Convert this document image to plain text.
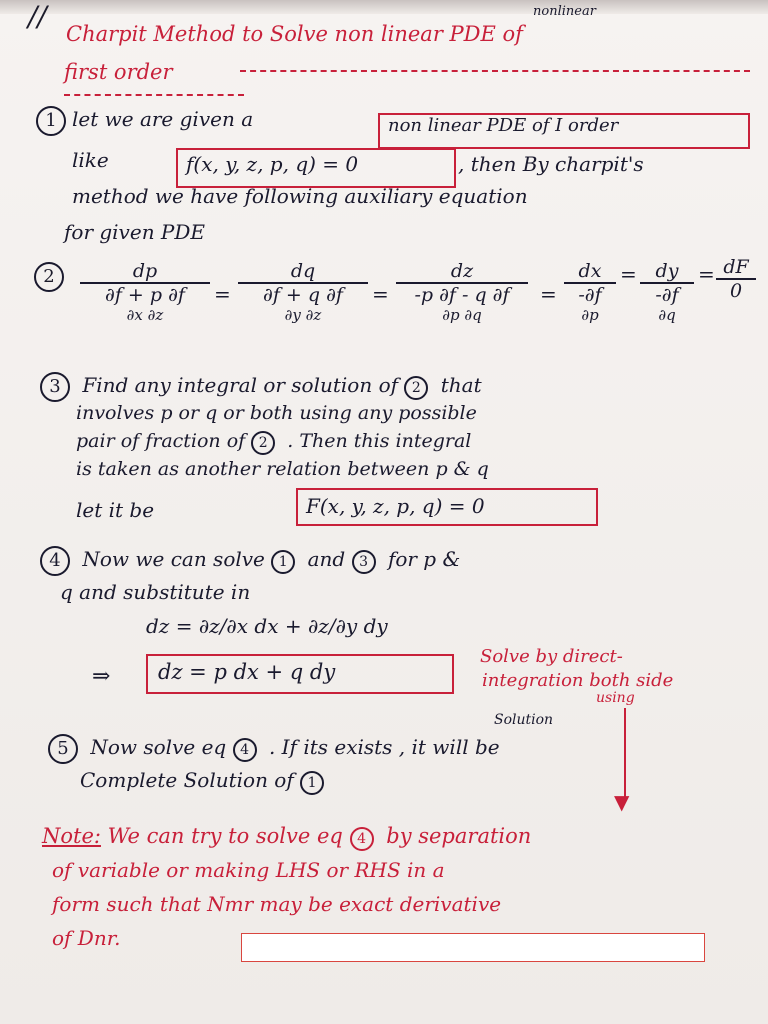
//	nonlinear
Charpit Method to Solve non linear PDE of
first order
1 let we are given a	non linear PDE of I order
like	f(x, y, z, p, q) = 0	, then By charpit's
method we have following auxiliary equation
for given PDE
2	dp
∂f + p ∂f
∂x ∂z
=
dq
∂f + q ∂f
∂y ∂z
=
dz
-p ∂f - q ∂f
∂p ∂q
=
dx
-∂f
∂p
= dy
-∂f
∂q
= $\frac{dF}{0}$
3 Find any integral or solution of 2 that
involves p or q or both using any possible
pair of fraction of 2 . Then this integral
is taken as another relation between p & q
let it be	F(x, y, z, p, q) = 0
4 Now we can solve 1 and 3 for p &
q and substitute in
dz = ∂z/∂x dx + ∂z/∂y dy
⇒ dz = p dx + q dy
Solve by direct-
integration both side
using
Solution
5 Now solve eq 4 . If its exists , it will be
Complete Solution of 1
▼
Note: We can try to solve eq 4 by separation
of variable or making LHS or RHS in a
form such that Nmr may be exact derivative
of Dnr.
